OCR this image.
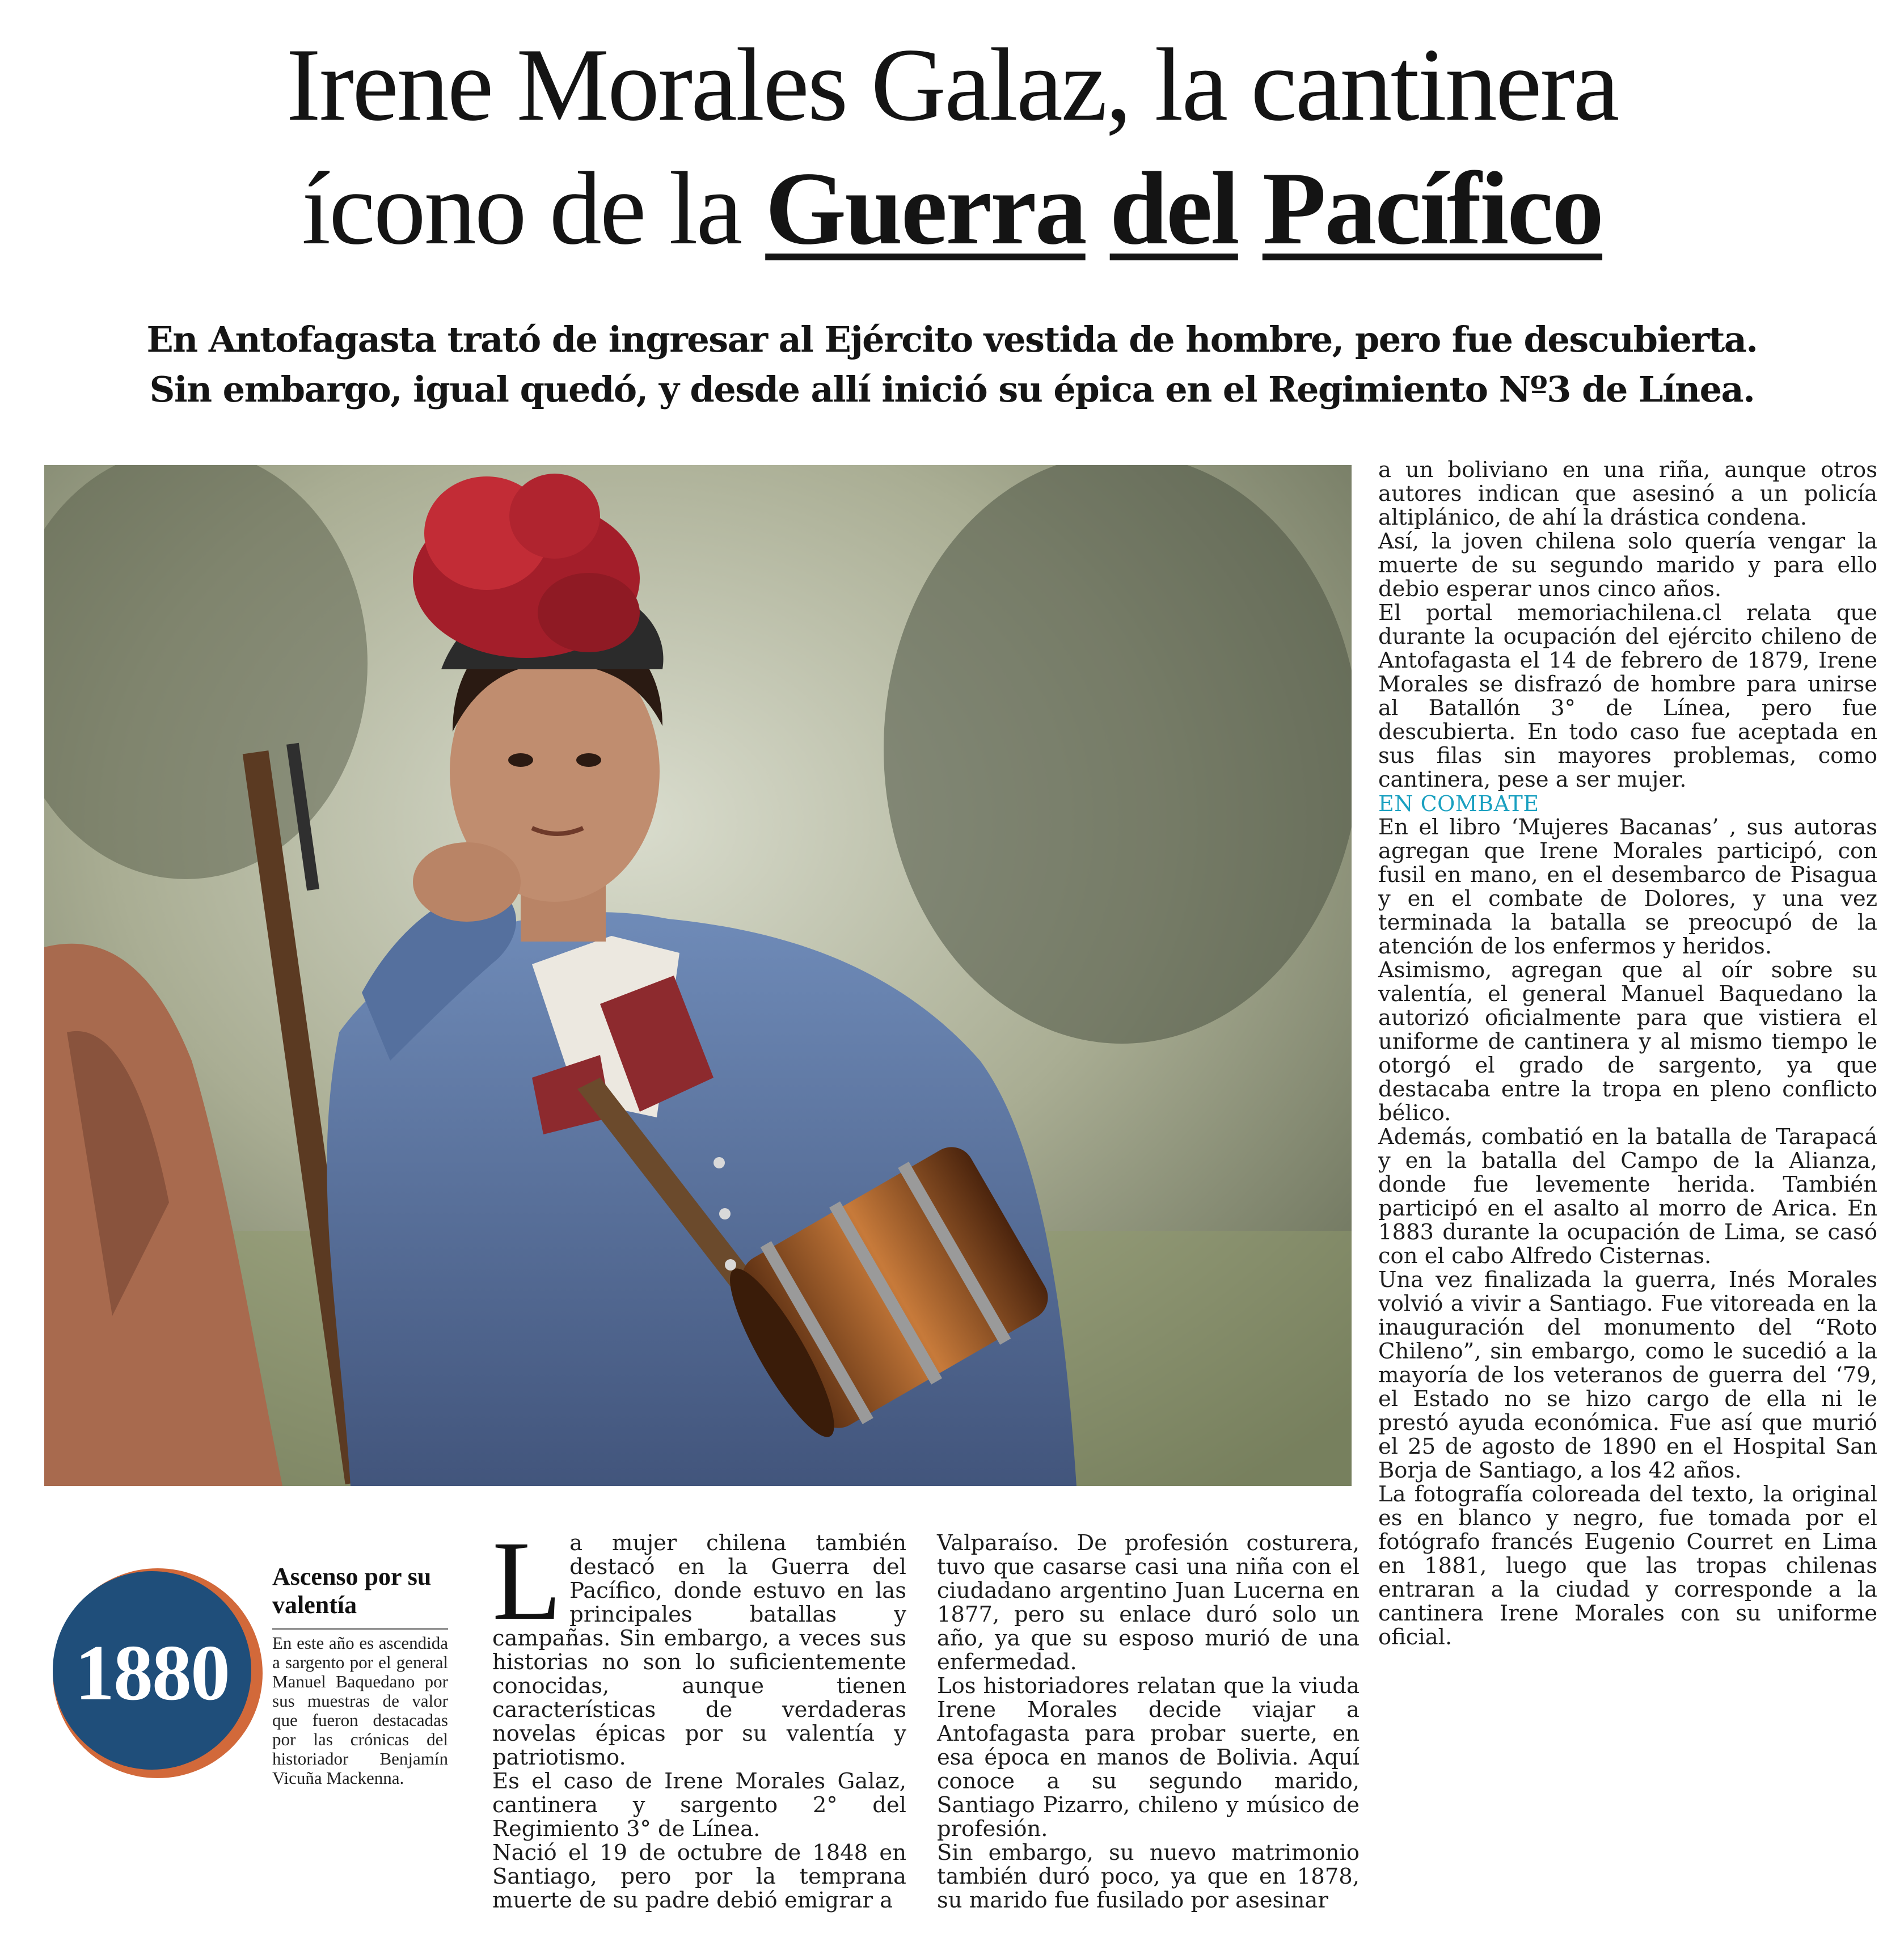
Irene Morales Galaz, la cantinera
ícono de la Guerra del Pacífico
En Antofagasta trató de ingresar al Ejército vestida de hombre, pero fue descubierta.
Sin embargo, igual quedó, y desde allí inició su épica en el Regimiento Nº3 de Línea.

a un boliviano en una riña, aunque otros autores indican que asesinó a un policía altiplánico, de ahí la drástica condena.

Así, la joven chilena solo quería vengar la muerte de su segundo marido y para ello debio esperar unos cinco años.

El portal memoriachilena.cl relata que durante la ocupación del ejército chileno de Antofagasta el 14 de febrero de 1879, Irene Morales se disfrazó de hombre para unirse al Batallón 3° de Línea, pero fue descubierta. En todo caso fue aceptada en sus filas sin mayores problemas, como cantinera, pese a ser mujer.

EN COMBATE

En el libro ‘Mujeres Bacanas’ , sus autoras agregan que Irene Morales participó, con fusil en mano, en el desembarco de Pisagua y en el combate de Dolores, y una vez terminada la batalla se preocupó de la atención de los enfermos y heridos.

Asimismo, agregan que al oír sobre su valentía, el general Manuel Baquedano la autorizó oficialmente para que vistiera el uniforme de cantinera y al mismo tiempo le otorgó el grado de sargento, ya que destacaba entre la tropa en pleno conflicto bélico.

Además, combatió en la batalla de Tarapacá y en la batalla del Campo de la Alianza, donde fue levemente herida. También participó en el asalto al morro de Arica. En 1883 durante la ocupación de Lima, se casó con el cabo Alfredo Cisternas.

Una vez finalizada la guerra, Inés Morales volvió a vivir a Santiago. Fue vitoreada en la inauguración del monumento del “Roto Chileno”, sin embargo, como le sucedió a la mayoría de los veteranos de guerra del ‘79, el Estado no se hizo cargo de ella ni le prestó ayuda económica. Fue así que murió el 25 de agosto de 1890 en el Hospital San Borja de Santiago, a los 42 años.

La fotografía coloreada del texto, la original es en blanco y negro, fue tomada por el fotógrafo francés Eugenio Courret en Lima en 1881, luego que las tropas chilenas entraran a la ciudad y corresponde a la cantinera Irene Morales con su uniforme oficial.

1880
Ascenso por su valentía
En este año es ascendida a sargento por el general Manuel Baquedano por sus muestras de valor que fueron destacadas por las crónicas del historiador Benjamín Vicuña Mackenna.

La mujer chilena también destacó en la Guerra del Pacífico, donde estuvo en las principales batallas y campañas. Sin embargo, a veces sus historias no son lo suficientemente conocidas, aunque tienen características de verdaderas novelas épicas por su valentía y patriotismo.

Es el caso de Irene Morales Galaz, cantinera y sargento 2° del Regimiento 3° de Línea.

Nació el 19 de octubre de 1848 en Santiago, pero por la temprana muerte de su padre debió emigrar a

Valparaíso. De profesión costurera, tuvo que casarse casi una niña con el ciudadano argentino Juan Lucerna en 1877, pero su enlace duró solo un año, ya que su esposo murió de una enfermedad.

Los historiadores relatan que la viuda Irene Morales decide viajar a Antofagasta para probar suerte, en esa época en manos de Bolivia. Aquí conoce a su segundo marido, Santiago Pizarro, chileno y músico de profesión.

Sin embargo, su nuevo matrimonio también duró poco, ya que en 1878, su marido fue fusilado por asesinar
